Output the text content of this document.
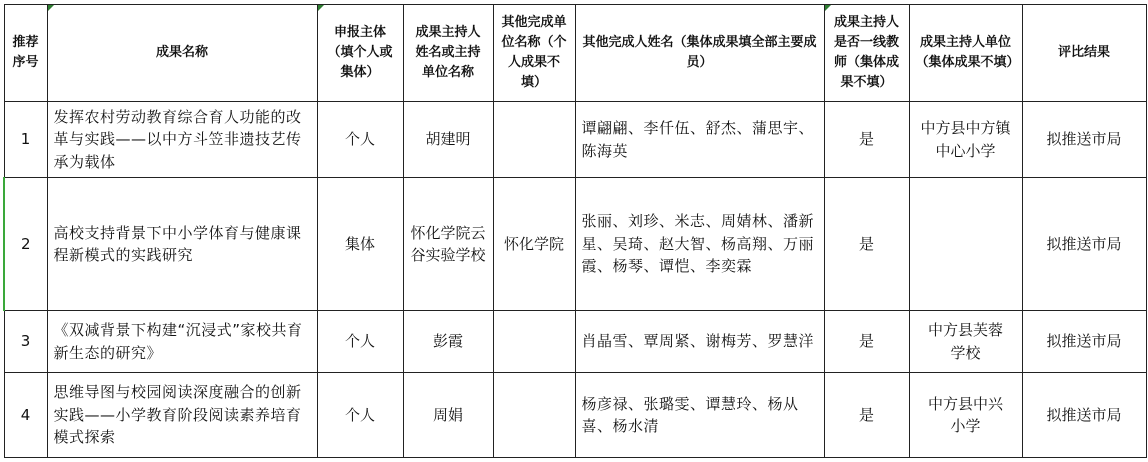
推荐序号	成果名称	申报主体（填个人或集体）	成果主持人姓名或主持单位名称	其他完成单位名称（个人成果不填）	其他完成人姓名（集体成果填全部主要成员）	成果主持人是否一线教师（集体成果不填）	成果主持人单位（集体成果不填）	评比结果
1	发挥农村劳动教育综合育人功能的改革与实践——以中方斗笠非遗技艺传承为载体	个人	胡建明		谭翩翩、李仟伍、舒杰、蒲思宇、陈海英	是	中方县中方镇中心小学	拟推送市局
2	高校支持背景下中小学体育与健康课程新模式的实践研究	集体	怀化学院云谷实验学校	怀化学院	张丽、刘珍、米志、周婧林、潘新星、吴琦、赵大智、杨高翔、万丽霞、杨琴、谭恺、李奕霖	是		拟推送市局
3	《双减背景下构建“沉浸式”家校共育新生态的研究》	个人	彭霞		肖晶雪、覃周紧、谢梅芳、罗慧洋	是	中方县芙蓉学校	拟推送市局
4	思维导图与校园阅读深度融合的创新实践——小学教育阶段阅读素养培育模式探索	个人	周娟		杨彦禄、张璐雯、谭慧玲、杨从喜、杨水清	是	中方县中兴小学	拟推送市局
